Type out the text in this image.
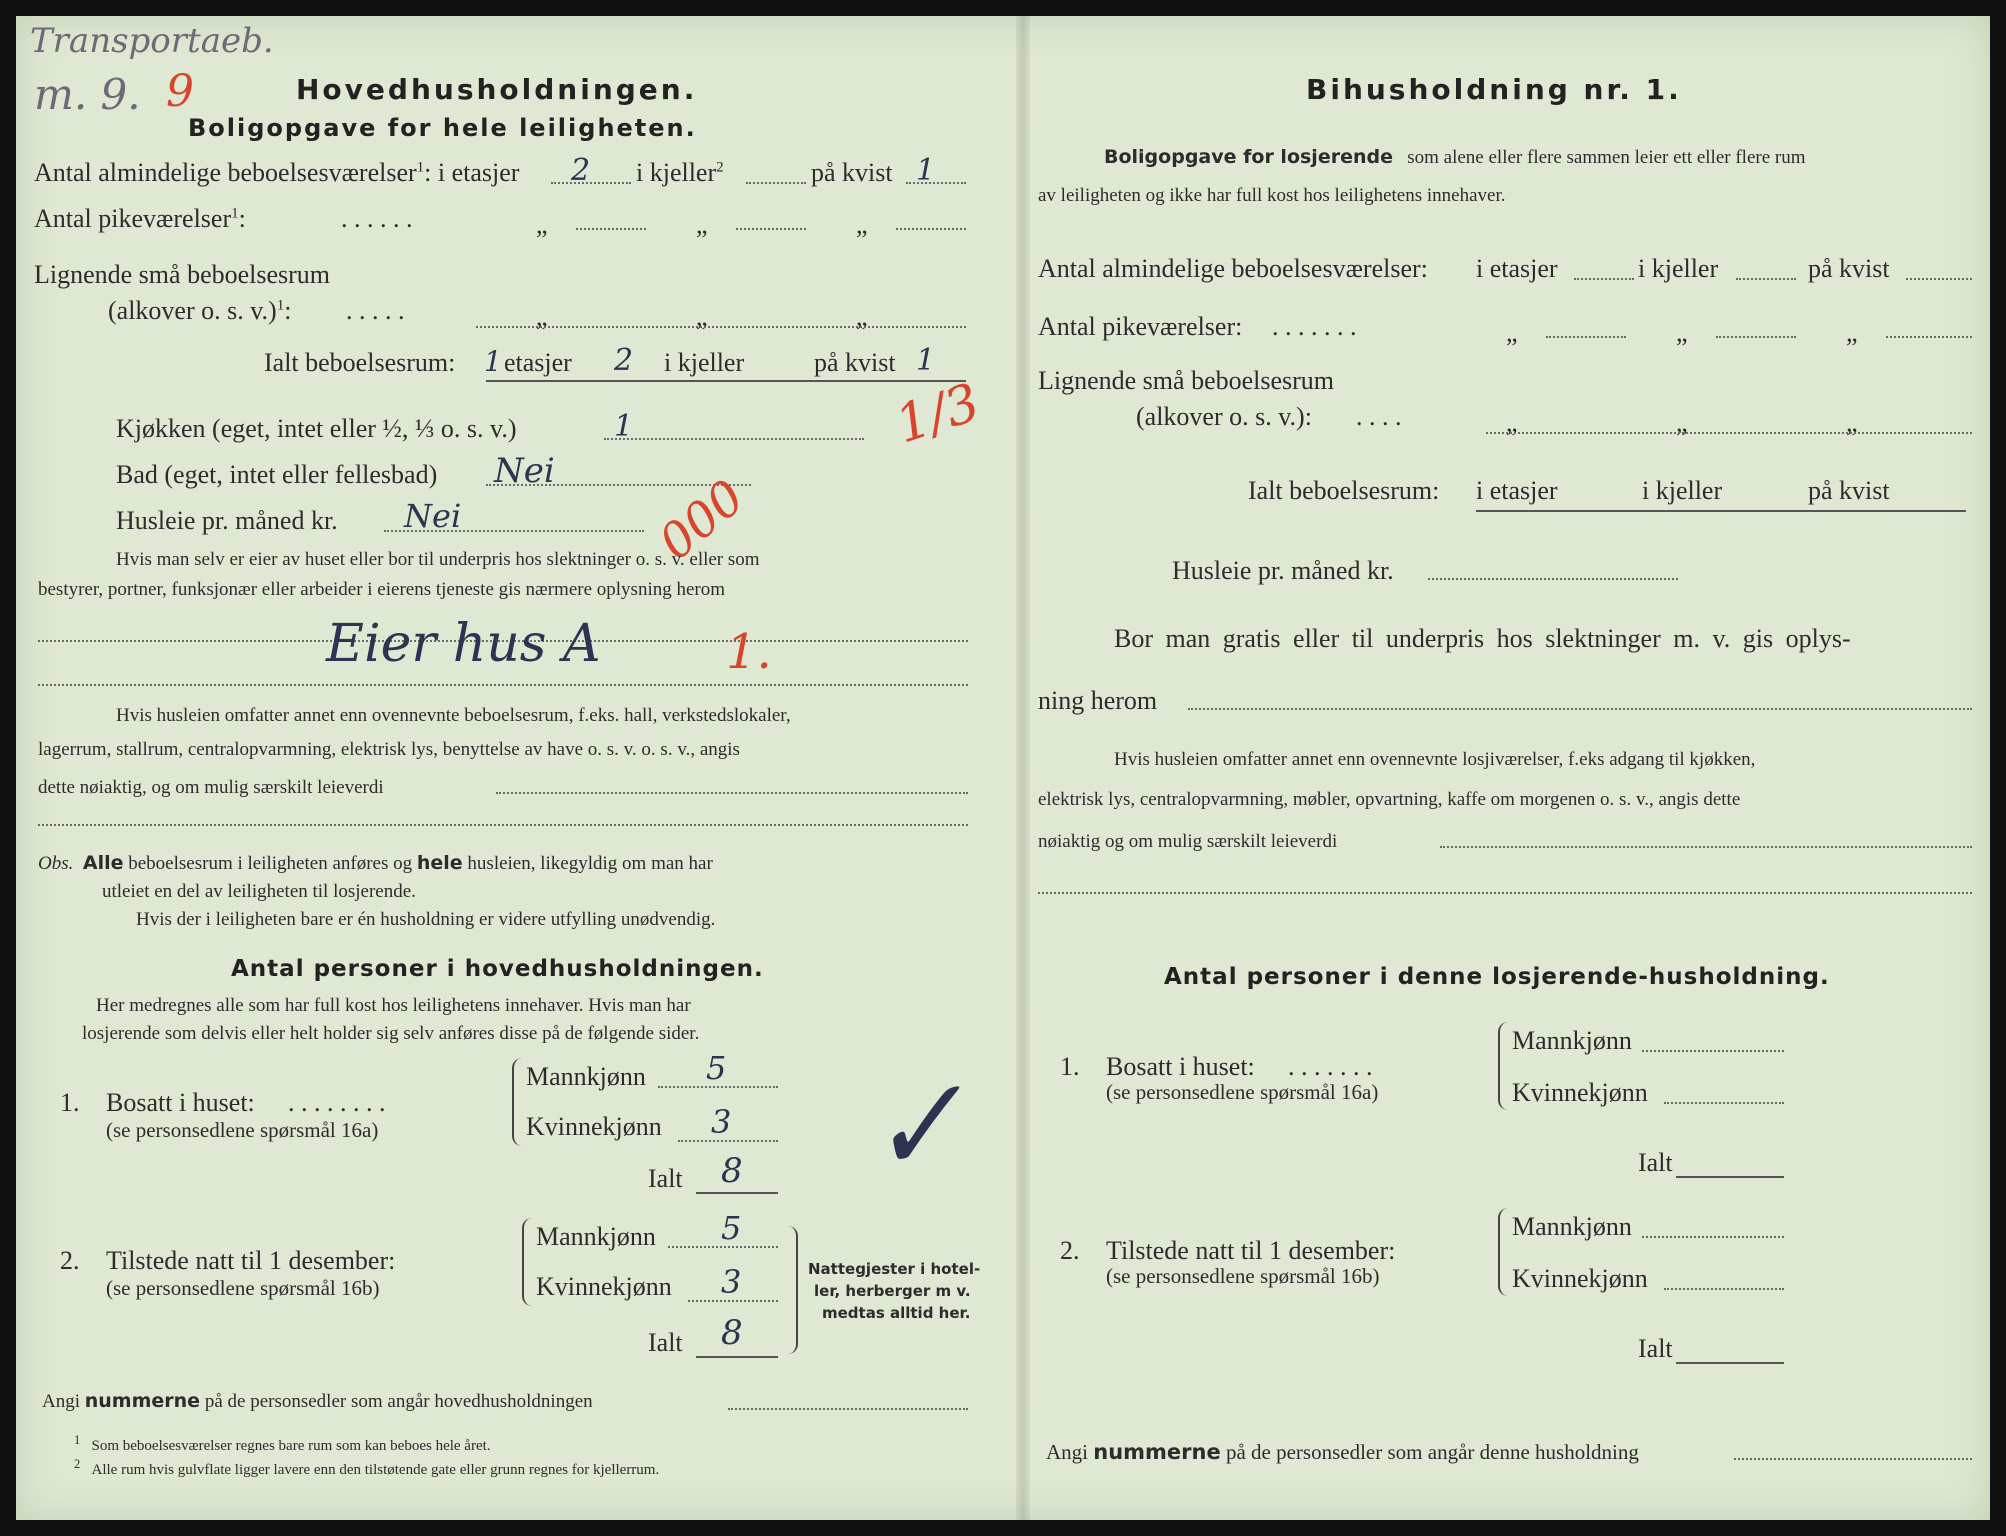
Transportaeb.
m. 9. 9	Hovedhusholdningen.
Boligopgave for hele leiligheten.
Antal almindelige beboelsesværelser$^1$: i etasjer 2 i kjeller$^2$	på kvist 1
Antal pikeværelser$^1$:	. . . . . .	„	„	„
Lignende små beboelsesrum
(alkover o. s. v.)$^1$: . . . . .	„	„	„
Ialt beboelsesrum: 1 etasjer 2 i kjeller	på kvist 1
1/3
Kjøkken (eget, intet eller ½, ⅓ o. s. v.)	1
Bad (eget, intet eller fellesbad) Nei
Husleie pr. måned kr. Nei	000
Hvis man selv er eier av huset eller bor til underpris hos slektninger o. s. v. eller som
bestyrer, portner, funksjonær eller arbeider i eierens tjeneste gis nærmere oplysning herom
Eier hus A	1.
Hvis husleien omfatter annet enn ovennevnte beboelsesrum, f.eks. hall, verkstedslokaler,
lagerrum, stallrum, centralopvarmning, elektrisk lys, benyttelse av have o. s. v. o. s. v., angis
dette nøiaktig, og om mulig særskilt leieverdi
Obs. Alle beboelsesrum i leiligheten anføres og hele husleien, likegyldig om man har
utleiet en del av leiligheten til losjerende.
Hvis der i leiligheten bare er én husholdning er videre utfylling unødvendig.
Antal personer i hovedhusholdningen.
Her medregnes alle som har full kost hos leilighetens innehaver. Hvis man har
losjerende som delvis eller helt holder sig selv anføres disse på de følgende sider.
1. Bosatt i huset: . . . . . . . .
(se personsedlene spørsmål 16a)
Mannkjønn 5
Kvinnekjønn 3
Ialt 8 ✓
2. Tilstede natt til 1 desember:
(se personsedlene spørsmål 16b)
Mannkjønn 5
Kvinnekjønn 3
Ialt 8
Nattegjester i hotel-
ler, herberger m v.
medtas alltid her.
Angi nummerne på de personsedler som angår hovedhusholdningen
$^1$ Som beboelsesværelser regnes bare rum som kan beboes hele året.
$^2$ Alle rum hvis gulvflate ligger lavere enn den tilstøtende gate eller grunn regnes for kjellerrum.
Bihusholdning nr. 1.
Boligopgave for losjerende som alene eller flere sammen leier ett eller flere rum
av leiligheten og ikke har full kost hos leilighetens innehaver.
Antal almindelige beboelsesværelser: i etasjer	i kjeller	på kvist
Antal pikeværelser: . . . . . . .	„	„	„
Lignende små beboelsesrum
(alkover o. s. v.): . . . .	„	„	„
Ialt beboelsesrum: i etasjer	i kjeller	på kvist
Husleie pr. måned kr.
Bor man gratis eller til underpris hos slektninger m. v. gis oplys-
ning herom
Hvis husleien omfatter annet enn ovennevnte losjiværelser, f.eks adgang til kjøkken,
elektrisk lys, centralopvarmning, møbler, opvartning, kaffe om morgenen o. s. v., angis dette
nøiaktig og om mulig særskilt leieverdi
Antal personer i denne losjerende-husholdning.
1. Bosatt i huset: . . . . . . .
(se personsedlene spørsmål 16a)
Mannkjønn
Kvinnekjønn
Ialt
2. Tilstede natt til 1 desember:
(se personsedlene spørsmål 16b)
Mannkjønn
Kvinnekjønn
Ialt
Angi nummerne på de personsedler som angår denne husholdning
